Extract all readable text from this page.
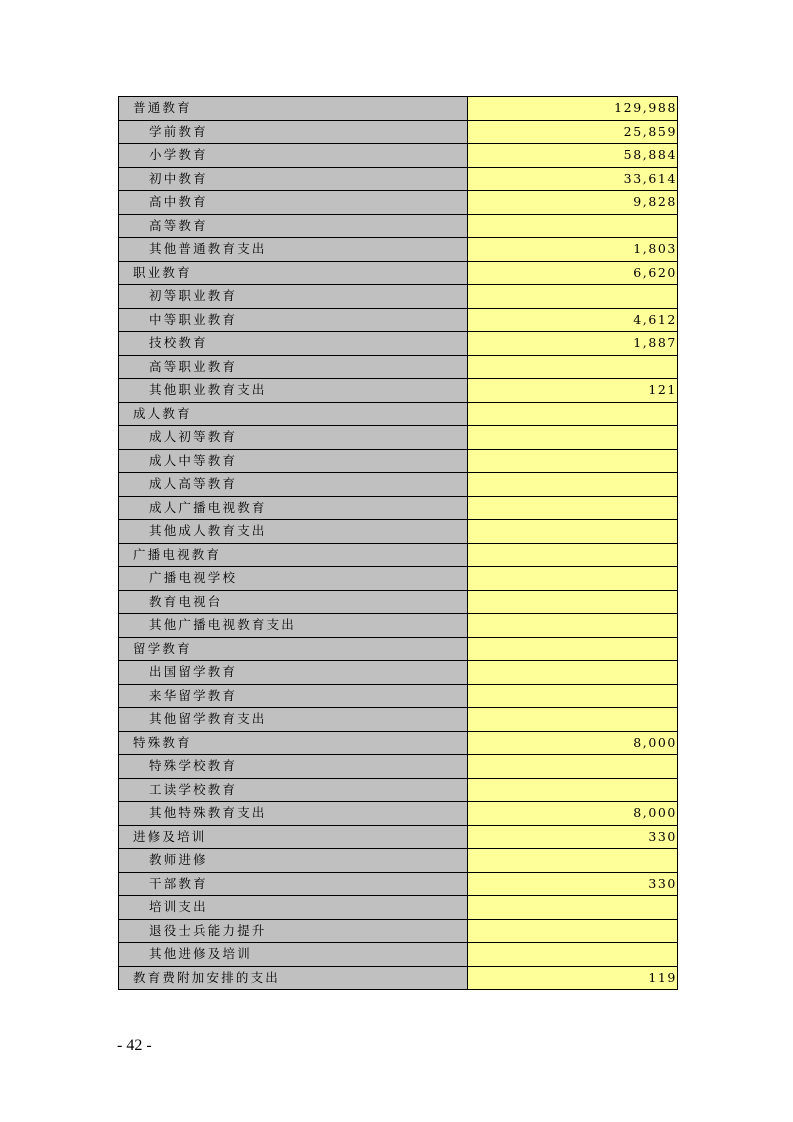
普通教育	129,988
学前教育	25,859
小学教育	58,884
初中教育	33,614
高中教育	9,828
高等教育
其他普通教育支出	1,803
职业教育	6,620
初等职业教育
中等职业教育	4,612
技校教育	1,887
高等职业教育
其他职业教育支出	121
成人教育
成人初等教育
成人中等教育
成人高等教育
成人广播电视教育
其他成人教育支出
广播电视教育
广播电视学校
教育电视台
其他广播电视教育支出
留学教育
出国留学教育
来华留学教育
其他留学教育支出
特殊教育	8,000
特殊学校教育
工读学校教育
其他特殊教育支出	8,000
进修及培训	330
教师进修
干部教育	330
培训支出
退役士兵能力提升
其他进修及培训
教育费附加安排的支出	119
- 42 -
